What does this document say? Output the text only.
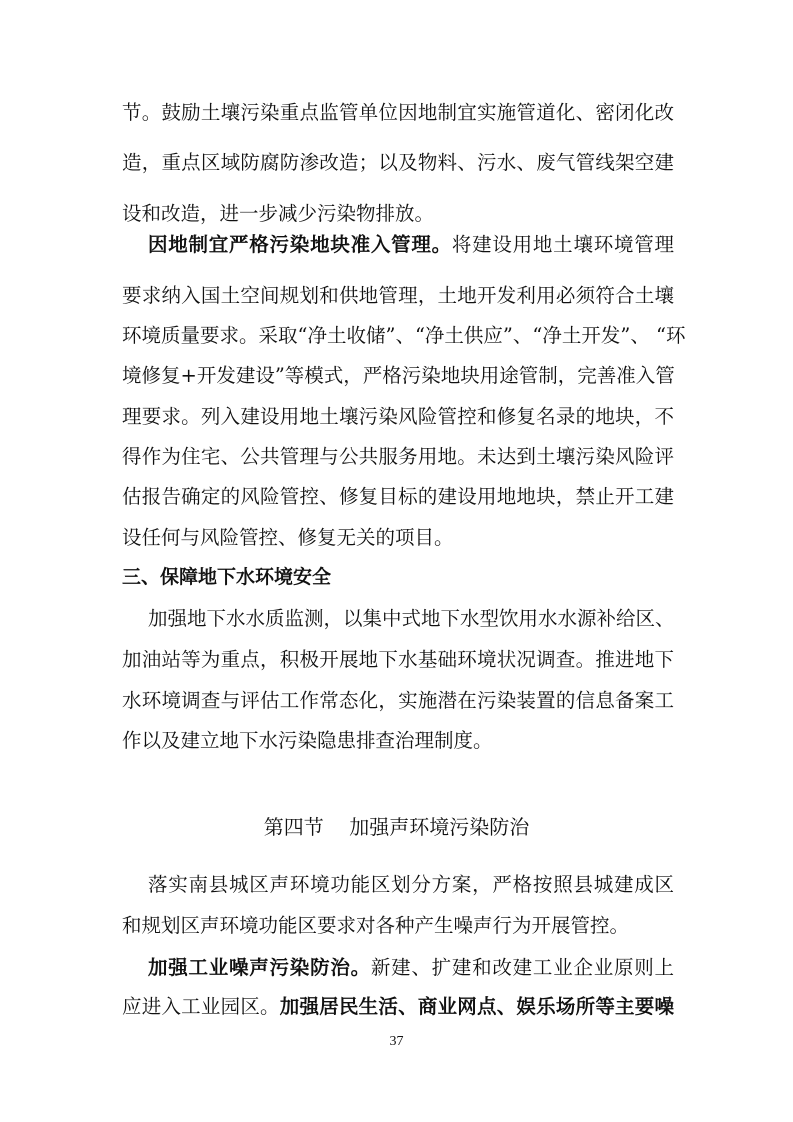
节。鼓励土壤污染重点监管单位因地制宜实施管道化、密闭化改
造，重点区域防腐防渗改造；以及物料、污水、废气管线架空建
设和改造，进一步减少污染物排放。
因地制宜严格污染地块准入管理。将建设用地土壤环境管理
要求纳入国土空间规划和供地管理，土地开发利用必须符合土壤
环境质量要求。采取“净土收储”、“净土供应”、“净土开发”、 “环
境修复+开发建设”等模式，严格污染地块用途管制，完善准入管
理要求。列入建设用地土壤污染风险管控和修复名录的地块，不
得作为住宅、公共管理与公共服务用地。未达到土壤污染风险评
估报告确定的风险管控、修复目标的建设用地地块，禁止开工建
设任何与风险管控、修复无关的项目。
三、保障地下水环境安全
加强地下水水质监测，以集中式地下水型饮用水水源补给区、
加油站等为重点，积极开展地下水基础环境状况调查。推进地下
水环境调查与评估工作常态化，实施潜在污染装置的信息备案工
作以及建立地下水污染隐患排查治理制度。
落实南县城区声环境功能区划分方案，严格按照县城建成区
和规划区声环境功能区要求对各种产生噪声行为开展管控。
加强工业噪声污染防治。新建、扩建和改建工业企业原则上
应进入工业园区。加强居民生活、商业网点、娱乐场所等主要噪
第四节    加强声环境污染防治
37
